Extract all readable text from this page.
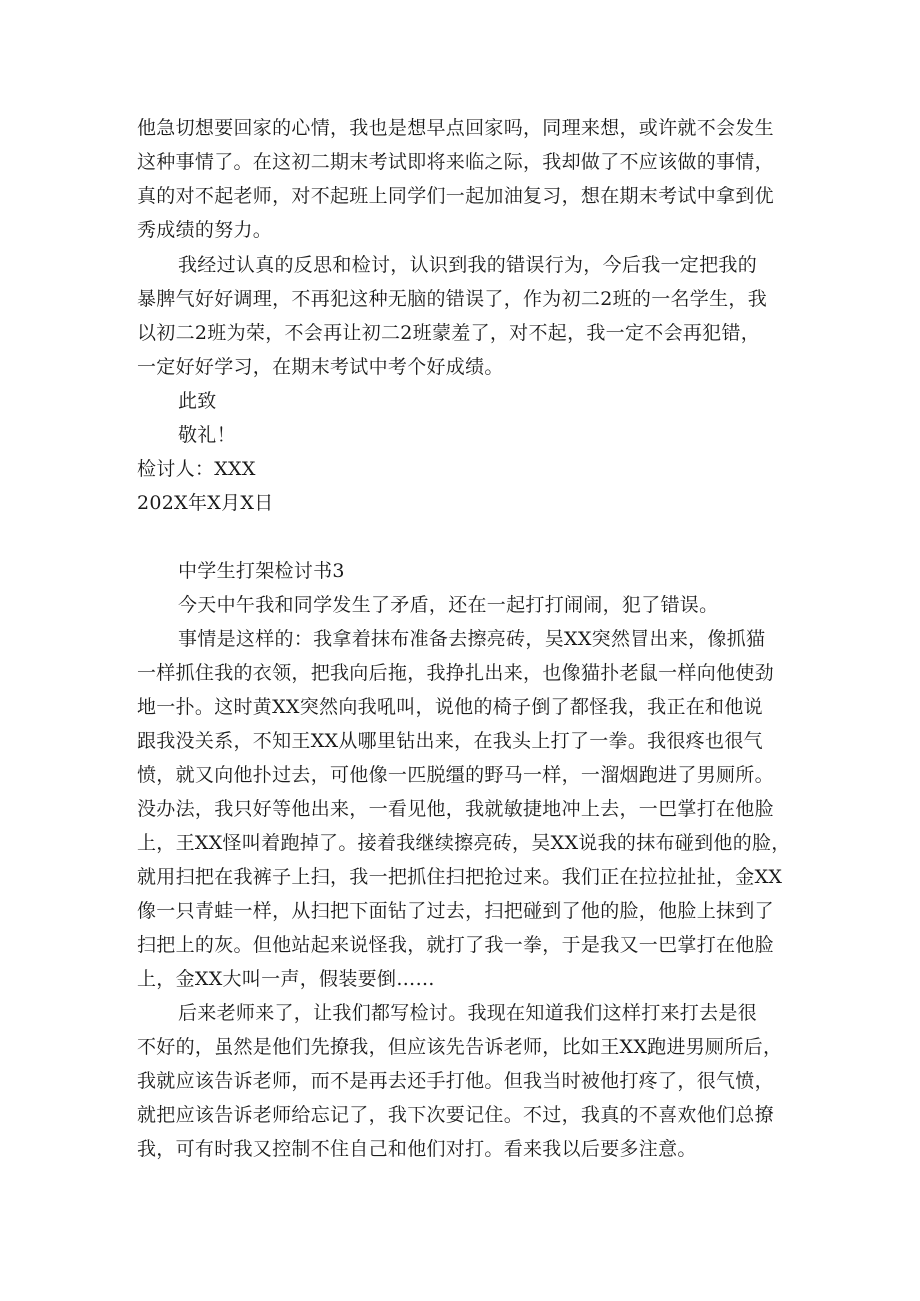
他急切想要回家的心情，我也是想早点回家吗，同理来想，或许就不会发生
这种事情了。在这初二期末考试即将来临之际，我却做了不应该做的事情，
真的对不起老师，对不起班上同学们一起加油复习，想在期末考试中拿到优
秀成绩的努力。
我经过认真的反思和检讨，认识到我的错误行为，今后我一定把我的
暴脾气好好调理，不再犯这种无脑的错误了，作为初二2班的一名学生，我
以初二2班为荣，不会再让初二2班蒙羞了，对不起，我一定不会再犯错，
一定好好学习，在期末考试中考个好成绩。
此致
敬礼！
检讨人：XXX
202X年X月X日
中学生打架检讨书3
今天中午我和同学发生了矛盾，还在一起打打闹闹，犯了错误。
事情是这样的：我拿着抹布准备去擦亮砖，吴XX突然冒出来，像抓猫
一样抓住我的衣领，把我向后拖，我挣扎出来，也像猫扑老鼠一样向他使劲
地一扑。这时黄XX突然向我吼叫，说他的椅子倒了都怪我，我正在和他说
跟我没关系，不知王XX从哪里钻出来，在我头上打了一拳。我很疼也很气
愤，就又向他扑过去，可他像一匹脱缰的野马一样，一溜烟跑进了男厕所。
没办法，我只好等他出来，一看见他，我就敏捷地冲上去，一巴掌打在他脸
上，王XX怪叫着跑掉了。接着我继续擦亮砖，吴XX说我的抹布碰到他的脸，
就用扫把在我裤子上扫，我一把抓住扫把抢过来。我们正在拉拉扯扯，金XX
像一只青蛙一样，从扫把下面钻了过去，扫把碰到了他的脸，他脸上抹到了
扫把上的灰。但他站起来说怪我，就打了我一拳，于是我又一巴掌打在他脸
上，金XX大叫一声，假装要倒……
后来老师来了，让我们都写检讨。我现在知道我们这样打来打去是很
不好的，虽然是他们先撩我，但应该先告诉老师，比如王XX跑进男厕所后，
我就应该告诉老师，而不是再去还手打他。但我当时被他打疼了，很气愤，
就把应该告诉老师给忘记了，我下次要记住。不过，我真的不喜欢他们总撩
我，可有时我又控制不住自己和他们对打。看来我以后要多注意。
